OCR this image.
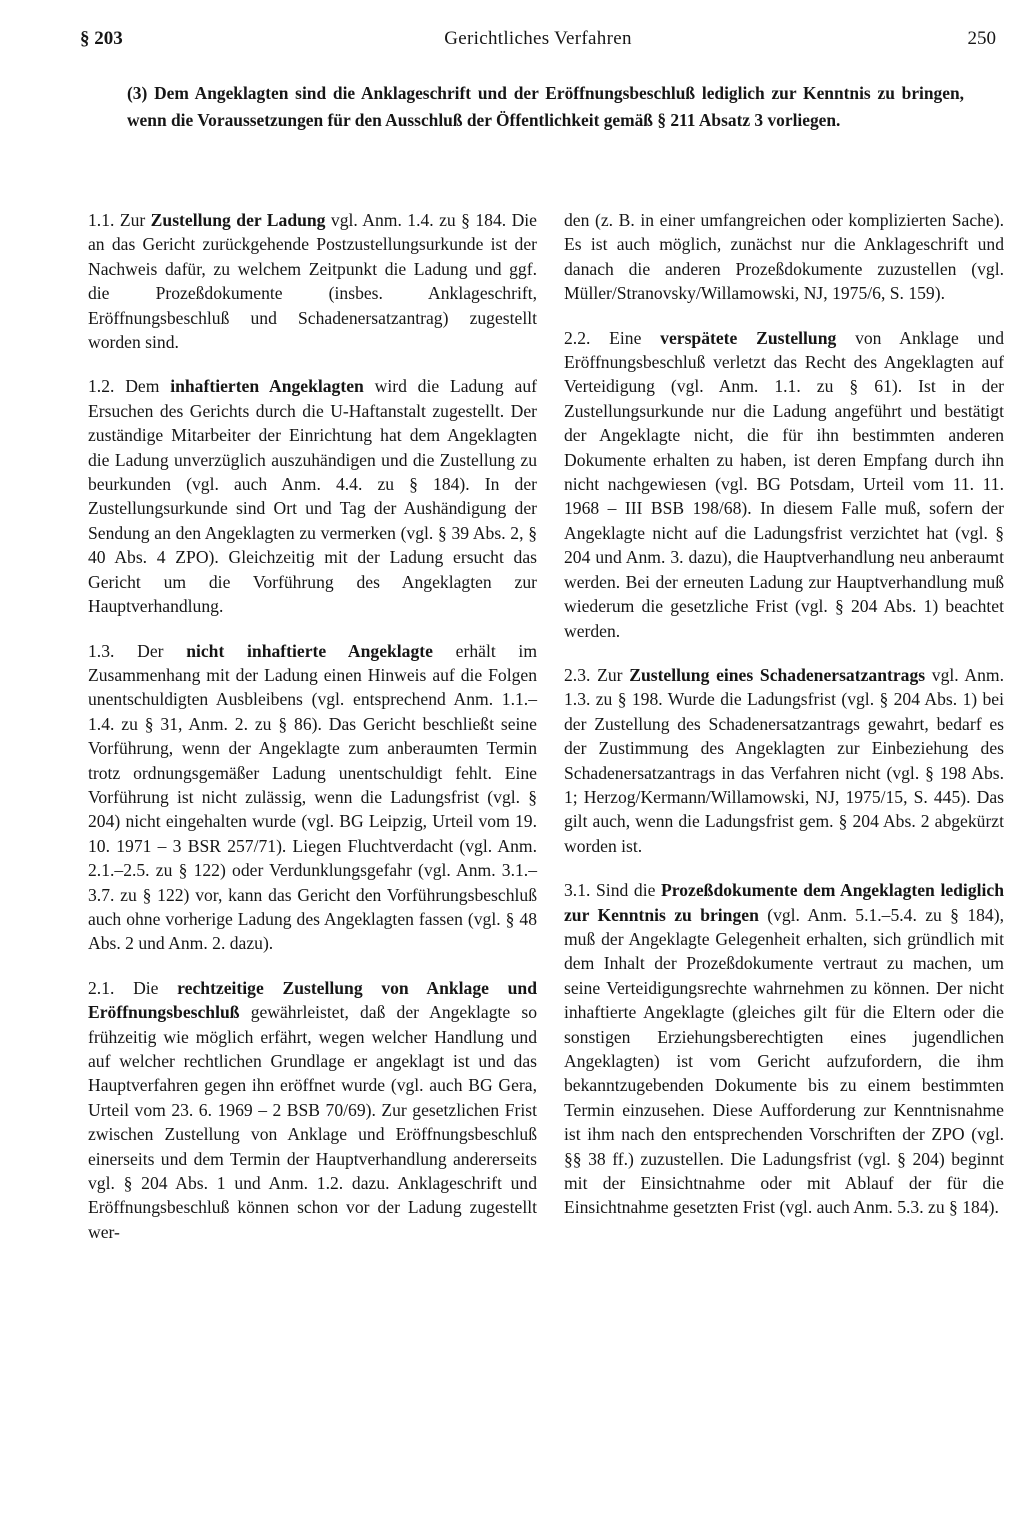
§ 203	Gerichtliches Verfahren	250

(3) Dem Angeklagten sind die Anklageschrift und der Eröffnungsbeschluß lediglich zur Kenntnis zu bringen, wenn die Voraussetzungen für den Ausschluß der Öffentlichkeit gemäß § 211 Absatz 3 vorliegen.

1.1. Zur Zustellung der Ladung vgl. Anm. 1.4. zu § 184. Die an das Gericht zurückgehende Postzustellungsurkunde ist der Nachweis dafür, zu welchem Zeitpunkt die Ladung und ggf. die Prozeßdokumente (insbes. Anklageschrift, Eröffnungsbeschluß und Schadenersatzantrag) zugestellt worden sind.

1.2. Dem inhaftierten Angeklagten wird die Ladung auf Ersuchen des Gerichts durch die U-Haftanstalt zugestellt. Der zuständige Mitarbeiter der Einrichtung hat dem Angeklagten die Ladung unverzüglich auszuhändigen und die Zustellung zu beurkunden (vgl. auch Anm. 4.4. zu § 184). In der Zustellungsurkunde sind Ort und Tag der Aushändigung der Sendung an den Angeklagten zu vermerken (vgl. § 39 Abs. 2, § 40 Abs. 4 ZPO). Gleichzeitig mit der Ladung ersucht das Gericht um die Vorführung des Angeklagten zur Hauptverhandlung.

1.3. Der nicht inhaftierte Angeklagte erhält im Zusammenhang mit der Ladung einen Hinweis auf die Folgen unentschuldigten Ausbleibens (vgl. entsprechend Anm. 1.1.–1.4. zu § 31, Anm. 2. zu § 86). Das Gericht beschließt seine Vorführung, wenn der Angeklagte zum anberaumten Termin trotz ordnungsgemäßer Ladung unentschuldigt fehlt. Eine Vorführung ist nicht zulässig, wenn die Ladungsfrist (vgl. § 204) nicht eingehalten wurde (vgl. BG Leipzig, Urteil vom 19. 10. 1971 – 3 BSR 257/71). Liegen Fluchtverdacht (vgl. Anm. 2.1.–2.5. zu § 122) oder Verdunklungsgefahr (vgl. Anm. 3.1.–3.7. zu § 122) vor, kann das Gericht den Vorführungsbeschluß auch ohne vorherige Ladung des Angeklagten fassen (vgl. § 48 Abs. 2 und Anm. 2. dazu).

2.1. Die rechtzeitige Zustellung von Anklage und Eröffnungsbeschluß gewährleistet, daß der Angeklagte so frühzeitig wie möglich erfährt, wegen welcher Handlung und auf welcher rechtlichen Grundlage er angeklagt ist und das Hauptverfahren gegen ihn eröffnet wurde (vgl. auch BG Gera, Urteil vom 23. 6. 1969 – 2 BSB 70/69). Zur gesetzlichen Frist zwischen Zustellung von Anklage und Eröffnungsbeschluß einerseits und dem Termin der Hauptverhandlung andererseits vgl. § 204 Abs. 1 und Anm. 1.2. dazu. Anklageschrift und Eröffnungsbeschluß können schon vor der Ladung zugestellt wer-

den (z. B. in einer umfangreichen oder komplizierten Sache). Es ist auch möglich, zunächst nur die Anklageschrift und danach die anderen Prozeßdokumente zuzustellen (vgl. Müller/Stranovsky/Willamowski, NJ, 1975/6, S. 159).

2.2. Eine verspätete Zustellung von Anklage und Eröffnungsbeschluß verletzt das Recht des Angeklagten auf Verteidigung (vgl. Anm. 1.1. zu § 61). Ist in der Zustellungsurkunde nur die Ladung angeführt und bestätigt der Angeklagte nicht, die für ihn bestimmten anderen Dokumente erhalten zu haben, ist deren Empfang durch ihn nicht nachgewiesen (vgl. BG Potsdam, Urteil vom 11. 11. 1968 – III BSB 198/68). In diesem Falle muß, sofern der Angeklagte nicht auf die Ladungsfrist verzichtet hat (vgl. § 204 und Anm. 3. dazu), die Hauptverhandlung neu anberaumt werden. Bei der erneuten Ladung zur Hauptverhandlung muß wiederum die gesetzliche Frist (vgl. § 204 Abs. 1) beachtet werden.

2.3. Zur Zustellung eines Schadenersatzantrags vgl. Anm. 1.3. zu § 198. Wurde die Ladungsfrist (vgl. § 204 Abs. 1) bei der Zustellung des Schadenersatzantrags gewahrt, bedarf es der Zustimmung des Angeklagten zur Einbeziehung des Schadenersatzantrags in das Verfahren nicht (vgl. § 198 Abs. 1; Herzog/Kermann/Willamowski, NJ, 1975/15, S. 445). Das gilt auch, wenn die Ladungsfrist gem. § 204 Abs. 2 abgekürzt worden ist.

3.1. Sind die Prozeßdokumente dem Angeklagten lediglich zur Kenntnis zu bringen (vgl. Anm. 5.1.–5.4. zu § 184), muß der Angeklagte Gelegenheit erhalten, sich gründlich mit dem Inhalt der Prozeßdokumente vertraut zu machen, um seine Verteidigungsrechte wahrnehmen zu können. Der nicht inhaftierte Angeklagte (gleiches gilt für die Eltern oder die sonstigen Erziehungsberechtigten eines jugendlichen Angeklagten) ist vom Gericht aufzufordern, die ihm bekanntzugebenden Dokumente bis zu einem bestimmten Termin einzusehen. Diese Aufforderung zur Kenntnisnahme ist ihm nach den entsprechenden Vorschriften der ZPO (vgl. §§ 38 ff.) zuzustellen. Die Ladungsfrist (vgl. § 204) beginnt mit der Einsichtnahme oder mit Ablauf der für die Einsichtnahme gesetzten Frist (vgl. auch Anm. 5.3. zu § 184).
